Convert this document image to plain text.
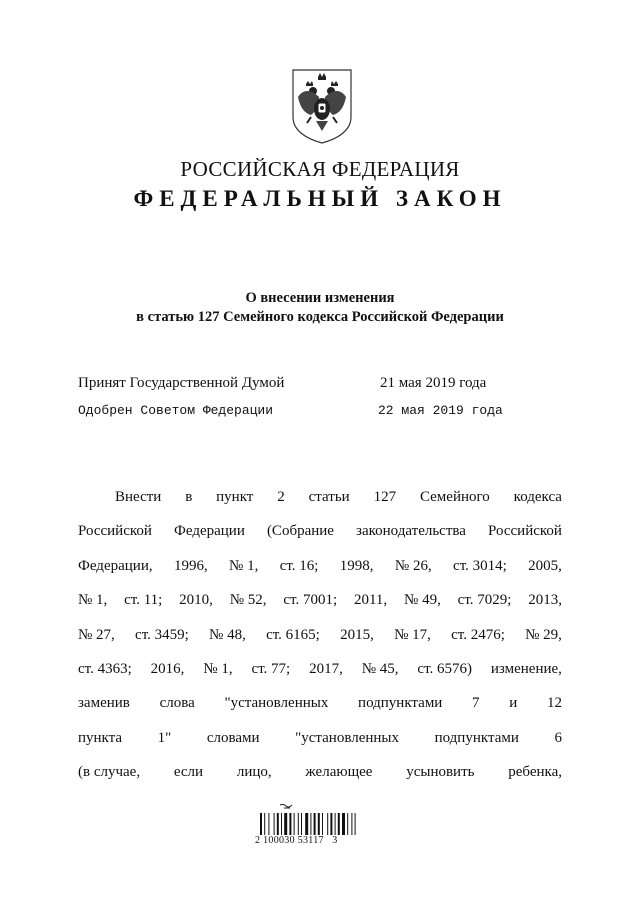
РОССИЙСКАЯ ФЕДЕРАЦИЯ
ФЕДЕРАЛЬНЫЙ ЗАКОН
О внесении изменения
в статью 127 Семейного кодекса Российской Федерации
Принят Государственной Думой	21 мая 2019 года
Одобрен Советом Федерации	22 мая 2019 года
Внести в пункт 2 статьи 127 Семейного кодекса
Российской Федерации (Собрание законодательства Российской
Федерации, 1996, № 1, ст. 16; 1998, № 26, ст. 3014; 2005,
№ 1, ст. 11; 2010, № 52, ст. 7001; 2011, № 49, ст. 7029; 2013,
№ 27, ст. 3459; № 48, ст. 6165; 2015, № 17, ст. 2476; № 29,
ст. 4363; 2016, № 1, ст. 77; 2017, № 45, ст. 6576) изменение,
заменив слова "установленных подпунктами 7 и 12
пункта 1" словами "установленных подпунктами 6
(в случае, если лицо, желающее усыновить ребенка,
2 100030 53117   3
